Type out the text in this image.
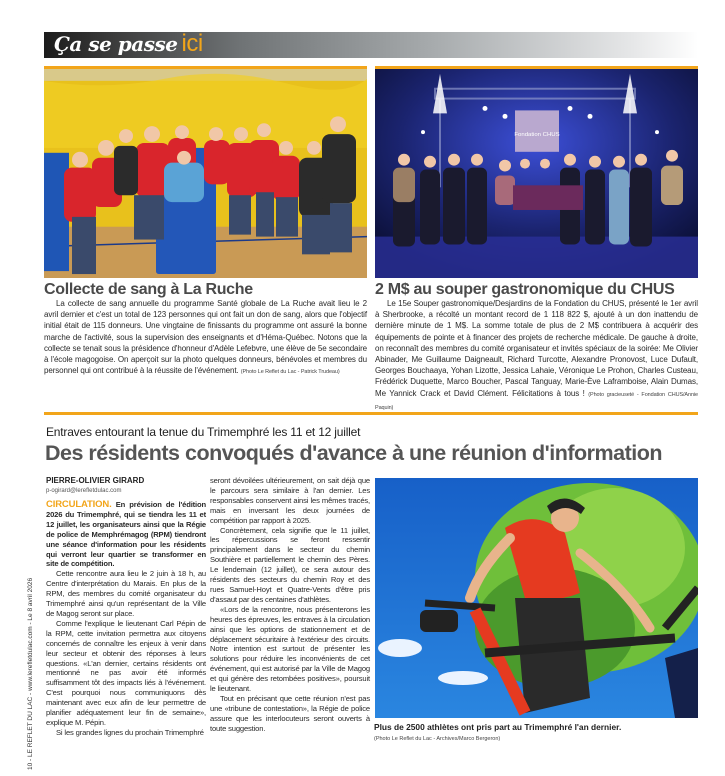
Ça se passe ici
Fondation CHUS
Collecte de sang à La Ruche
La collecte de sang annuelle du programme Santé globale de La Ruche avait lieu le 2 avril dernier et c'est un total de 123 personnes qui ont fait un don de sang, alors que l'objectif initial était de 115 donneurs. Une vingtaine de finissants du programme ont assuré la bonne marche de l'activité, sous la supervision des enseignants et d'Héma-Québec. Notons que la collecte se tenait sous la présidence d'honneur d'Adèle Lefebvre, une élève de 5e secondaire à l'école magogoise. On aperçoit sur la photo quelques donneurs, bénévoles et membres du personnel qui ont contribué à la réussite de l'événement. (Photo Le Reflet du Lac - Patrick Trudeau)
2 M$ au souper gastronomique du CHUS
Le 15e Souper gastronomique/Desjardins de la Fondation du CHUS, présenté le 1er avril à Sherbrooke, a récolté un montant record de 1 118 822 $, ajouté à un don inattendu de dernière minute de 1 M$. La somme totale de plus de 2 M$ contribuera à acquérir des équipements de pointe et à financer des projets de recherche médicale. De gauche à droite, on reconnaît des membres du comité organisateur et invités spéciaux de la soirée: Me Olivier Abinader, Me Guillaume Daigneault, Richard Turcotte, Alexandre Pronovost, Luce Dufault, Georges Bouchaaya, Yohan Lizotte, Jessica Lahaie, Véronique Le Prohon, Charles Custeau, Frédérick Duquette, Marco Boucher, Pascal Tanguay, Marie-Ève Laframboise, Alain Dumas, Me Yannick Crack et David Clément. Félicitations à tous ! (Photo gracieuseté - Fondation CHUS/Annie Paquin)
Entraves entourant la tenue du Trimemphré les 11 et 12 juillet
Des résidents convoqués d'avance à une réunion d'information
PIERRE-OLIVIER GIRARD
p-ogirard@lerefletdulac.com

CIRCULATION. En prévision de l'édition 2026 du Trimemphré, qui se tiendra les 11 et 12 juillet, les organisateurs ainsi que la Régie de police de Memphrémagog (RPM) tiendront une séance d'information pour les résidents qui verront leur quartier se transformer en site de compétition.

Cette rencontre aura lieu le 2 juin à 18 h, au Centre d'interprétation du Marais. En plus de la RPM, des membres du comité organisateur du Trimemphré ainsi qu'un représentant de la Ville de Magog seront sur place.

Comme l'explique le lieutenant Carl Pépin de la RPM, cette invitation permettra aux citoyens concernés de connaître les enjeux à venir dans leur secteur et obtenir des réponses à leurs questions. «L'an dernier, certains résidents ont mentionné ne pas avoir été informés suffisamment tôt des impacts liés à l'événement. C'est pourquoi nous communiquons dès maintenant avec eux afin de leur permettre de planifier adéquatement leur fin de semaine», explique M. Pépin.

Si les grandes lignes du prochain Trimemphré

seront dévoilées ultérieurement, on sait déjà que le parcours sera similaire à l'an dernier. Les responsables conservent ainsi les mêmes tracés, mais en inversant les deux journées de compétition par rapport à 2025.

Concrètement, cela signifie que le 11 juillet, les répercussions se feront ressentir principalement dans le secteur du chemin Southière et partiellement le chemin des Pères. Le lendemain (12 juillet), ce sera autour des résidents des secteurs du chemin Roy et des rues Samuel-Hoyt et Quatre-Vents d'être pris d'assaut par des centaines d'athlètes.

«Lors de la rencontre, nous présenterons les heures des épreuves, les entraves à la circulation ainsi que les options de stationnement et de déplacement sécuritaire à l'extérieur des circuits. Notre intention est surtout de présenter les solutions pour réduire les inconvénients de cet événement, qui est autorisé par la Ville de Magog et qui génère des retombées positives», poursuit le lieutenant.

Tout en précisant que cette réunion n'est pas une «tribune de contestation», la Régie de police assure que les interlocuteurs seront ouverts à toute suggestion.	Plus de 2500 athlètes ont pris part au Trimemphré l'an dernier.
(Photo Le Reflet du Lac - Archives/Marco Bergeron)
10 - LE REFLET DU LAC - www.lerefletdulac.com - Le 8 avril 2026
